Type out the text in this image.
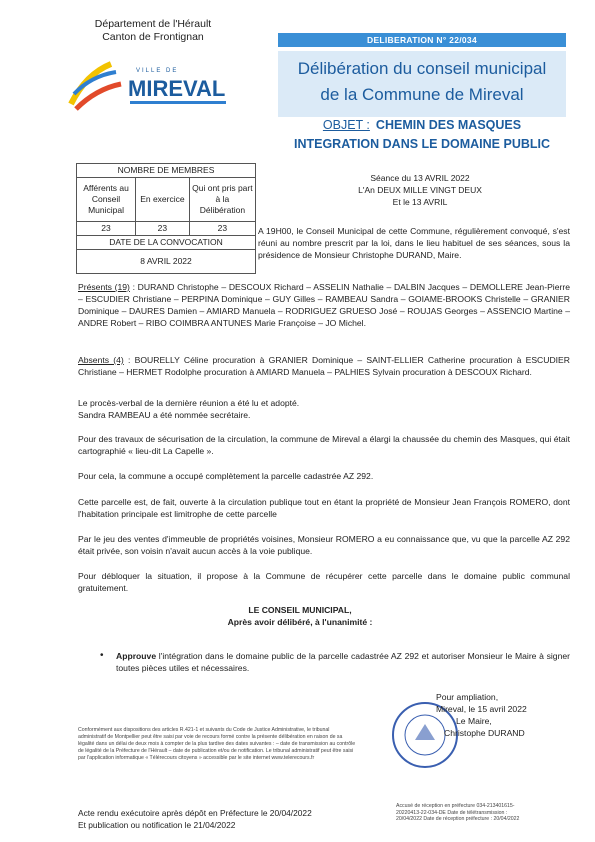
Département de l'Hérault
Canton de Frontignan
VILLE DE
MIREVAL
DELIBERATION N° 22/034
Délibération du conseil municipal
de la Commune de Mireval
OBJET : CHEMIN DES MASQUES
INTEGRATION DANS LE DOMAINE PUBLIC
NOMBRE DE MEMBRES		
Afférents au Conseil Municipal	En exercice	Qui ont pris part à la Délibération
23	23	23
DATE DE LA CONVOCATION		
8 AVRIL 2022		
Séance du 13 AVRIL 2022
L'An DEUX MILLE VINGT DEUX
Et le 13 AVRIL
A 19H00, le Conseil Municipal de cette Commune, régulièrement convoqué, s'est réuni au nombre prescrit par la loi, dans le lieu habituel de ses séances, sous la présidence de Monsieur Christophe DURAND, Maire.
Présents (19) : DURAND Christophe – DESCOUX Richard – ASSELIN Nathalie – DALBIN Jacques – DEMOLLERE Jean-Pierre – ESCUDIER Christiane – PERPINA Dominique – GUY Gilles – RAMBEAU Sandra – GOIAME-BROOKS Christelle – GRANIER Dominique – DAURES Damien – AMIARD Manuela – RODRIGUEZ GRUESO José – ROUJAS Georges – ASSENCIO Martine – ANDRE Robert – RIBO COIMBRA ANTUNES Marie Françoise – JO Michel.
Absents (4) : BOURELLY Céline procuration à GRANIER Dominique – SAINT-ELLIER Catherine procuration à ESCUDIER Christiane – HERMET Rodolphe procuration à AMIARD Manuela – PALHIES Sylvain procuration à DESCOUX Richard.
Le procès-verbal de la dernière réunion a été lu et adopté.
Sandra RAMBEAU a été nommée secrétaire.
Pour des travaux de sécurisation de la circulation, la commune de Mireval a élargi la chaussée du chemin des Masques, qui était cartographié « lieu-dit La Capelle ».
Pour cela, la commune a occupé complètement la parcelle cadastrée AZ 292.
Cette parcelle est, de fait, ouverte à la circulation publique tout en étant la propriété de Monsieur Jean François ROMERO, dont l'habitation principale est limitrophe de cette parcelle
Par le jeu des ventes d'immeuble de propriétés voisines, Monsieur ROMERO a eu connaissance que, vu que la parcelle AZ 292 était privée, son voisin n'avait aucun accès à la voie publique.
Pour débloquer la situation, il propose à la Commune de récupérer cette parcelle dans le domaine public communal gratuitement.
LE CONSEIL MUNICIPAL,
Après avoir délibéré, à l'unanimité :
• Approuve l'intégration dans le domaine public de la parcelle cadastrée AZ 292 et autoriser Monsieur le Maire à signer toutes pièces utiles et nécessaires.
Pour ampliation,
Mireval, le 15 avril 2022
Le Maire,
Christophe DURAND
Conformément aux dispositions des articles R.421-1 et suivants du Code de Justice Administrative, le tribunal administratif de Montpellier peut être saisi par voie de recours formé contre la présente délibération en raison de sa légalité dans un délai de deux mois à compter de la plus tardive des dates suivantes : – date de transmission au contrôle de légalité de la Préfecture de l'Hérault – date de publication et/ou de notification. Le tribunal administratif peut être saisi par l'application informatique « Télérecours citoyens » accessible par le site internet www.telerecours.fr
Acte rendu exécutoire après dépôt en Préfecture le 20/04/2022
Et publication ou notification le 21/04/2022
Accusé de réception en préfecture 034-213401615-20220413-22-034-DE Date de télétransmission : 20/04/2022 Date de réception préfecture : 20/04/2022
